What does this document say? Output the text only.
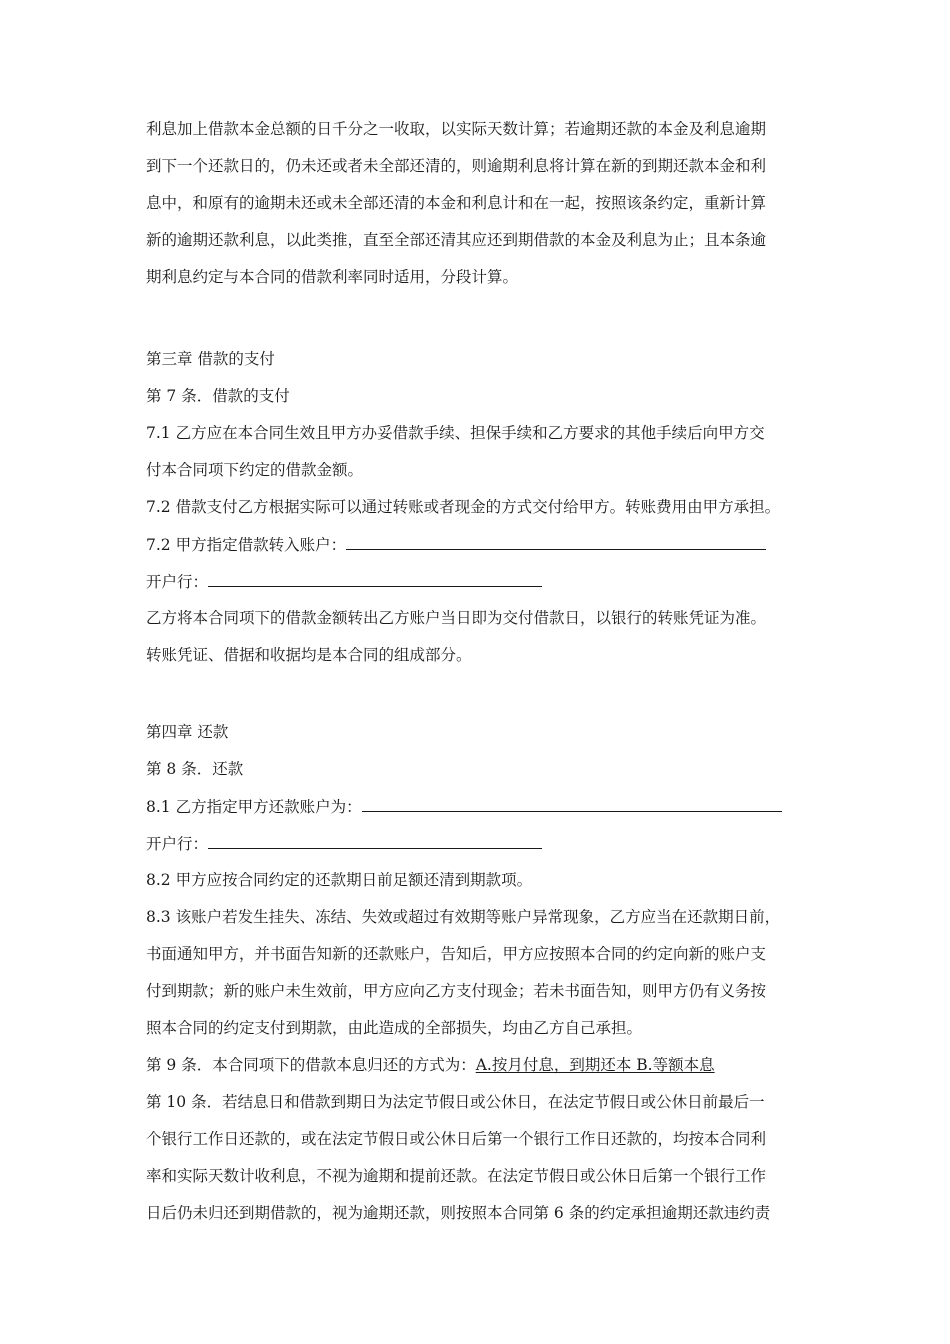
利息加上借款本金总额的日千分之一收取，以实际天数计算；若逾期还款的本金及利息逾期
到下一个还款日的，仍未还或者未全部还清的，则逾期利息将计算在新的到期还款本金和利
息中，和原有的逾期未还或未全部还清的本金和利息计和在一起，按照该条约定，重新计算
新的逾期还款利息，以此类推，直至全部还清其应还到期借款的本金及利息为止；且本条逾
期利息约定与本合同的借款利率同时适用，分段计算。
第三章 借款的支付
第 7 条．借款的支付
7.1 乙方应在本合同生效且甲方办妥借款手续、担保手续和乙方要求的其他手续后向甲方交
付本合同项下约定的借款金额。
7.2 借款支付乙方根据实际可以通过转账或者现金的方式交付给甲方。转账费用由甲方承担。
7.2 甲方指定借款转入账户：
开户行：
乙方将本合同项下的借款金额转出乙方账户当日即为交付借款日，以银行的转账凭证为准。
转账凭证、借据和收据均是本合同的组成部分。
第四章 还款
第 8 条．还款
8.1 乙方指定甲方还款账户为：
开户行：
8.2 甲方应按合同约定的还款期日前足额还清到期款项。
8.3 该账户若发生挂失、冻结、失效或超过有效期等账户异常现象，乙方应当在还款期日前，
书面通知甲方，并书面告知新的还款账户，告知后，甲方应按照本合同的约定向新的账户支
付到期款；新的账户未生效前，甲方应向乙方支付现金；若未书面告知，则甲方仍有义务按
照本合同的约定支付到期款，由此造成的全部损失，均由乙方自己承担。
第 9 条．本合同项下的借款本息归还的方式为：A.按月付息，到期还本 B.等额本息
第 10 条．若结息日和借款到期日为法定节假日或公休日，在法定节假日或公休日前最后一
个银行工作日还款的，或在法定节假日或公休日后第一个银行工作日还款的，均按本合同利
率和实际天数计收利息，不视为逾期和提前还款。在法定节假日或公休日后第一个银行工作
日后仍未归还到期借款的，视为逾期还款，则按照本合同第 6 条的约定承担逾期还款违约责
